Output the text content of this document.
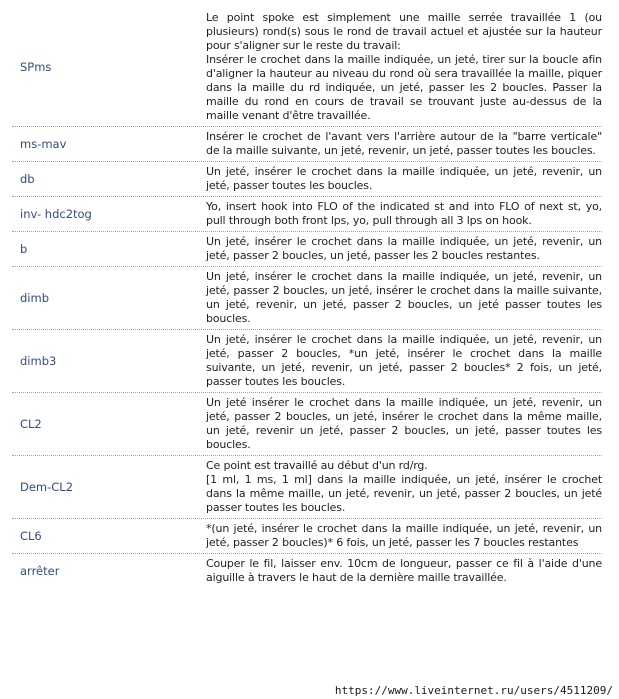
SPms
Le point spoke est simplement une maille serrée travaillée 1 (ou plusieurs) rond(s) sous le rond de travail actuel et ajustée sur la hauteur pour s'aligner sur le reste du travail:
Insérer le crochet dans la maille indiquée, un jeté, tirer sur la boucle afin d'aligner la hauteur au niveau du rond où sera travaillée la maille, piquer dans la maille du rd indiquée, un jeté, passer les 2 boucles. Passer la maille du rond en cours de travail se trouvant juste au-dessus de la maille venant d'être travaillée.
ms-mav
Insérer le crochet de l'avant vers l'arrière autour de la "barre verticale" de la maille suivante, un jeté, revenir, un jeté, passer toutes les boucles.
db
Un jeté, insérer le crochet dans la maille indiquée, un jeté, revenir, un jeté, passer toutes les boucles.
inv- hdc2tog
Yo, insert hook into FLO of the indicated st and into FLO of next st, yo, pull through both front lps, yo, pull through all 3 lps on hook.
b
Un jeté, insérer le crochet dans la maille indiquée, un jeté, revenir, un jeté, passer 2 boucles, un jeté, passer les 2 boucles restantes.
dimb
Un jeté, insérer le crochet dans la maille indiquée, un jeté, revenir, un jeté, passer 2 boucles, un jeté, insérer le crochet dans la maille suivante, un jeté, revenir, un jeté, passer 2 boucles, un jeté passer toutes les boucles.
dimb3
Un jeté, insérer le crochet dans la maille indiquée, un jeté, revenir, un jeté, passer 2 boucles, *un jeté, insérer le crochet dans la maille suivante, un jeté, revenir, un jeté, passer 2 boucles* 2 fois, un jeté, passer toutes les boucles.
CL2
Un jeté insérer le crochet dans la maille indiquée, un jeté, revenir, un jeté, passer 2 boucles, un jeté, insérer le crochet dans la même maille, un jeté, revenir un jeté, passer 2 boucles, un jeté, passer toutes les boucles.
Dem-CL2
Ce point est travaillé au début d'un rd/rg.
[1 ml, 1 ms, 1 ml] dans la maille indiquée, un jeté, insérer le crochet dans la même maille, un jeté, revenir, un jeté, passer 2 boucles, un jeté passer toutes les boucles.
CL6
*(un jeté, insérer le crochet dans la maille indiquée, un jeté, revenir, un jeté, passer 2 boucles)* 6 fois, un jeté, passer les 7 boucles restantes
arrêter
Couper le fil, laisser env. 10cm de longueur, passer ce fil à l'aide d'une aiguille à travers le haut de la dernière maille travaillée.
https://www.liveinternet.ru/users/4511209/
